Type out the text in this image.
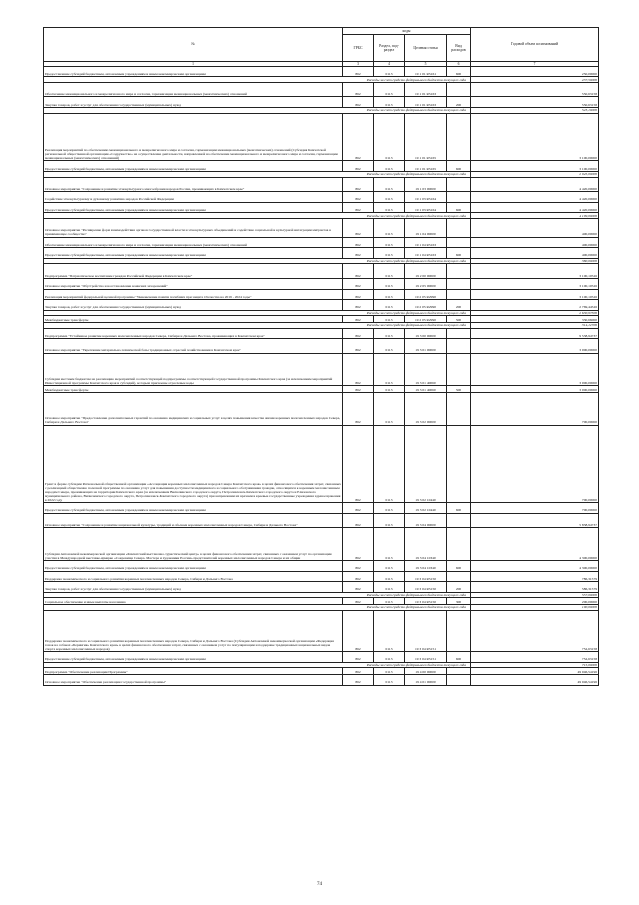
№	коды				Годовой объем ассигнований
	ГРБС	Раздел, под-раздел	Целевая статья	Вид расходов	
1	3	4	5	6	7
Предоставление субсидий бюджетным, автономным учреждениям и иным некоммерческим организациям	862	0113	19 1 01 R5161	600	250,00000
Расходы за счет средств федерального бюджета текущего года					237,50000
Обеспечение межнационального и межрелигиозного мира и согласия, гармонизации межнациональных (межэтнических) отношений	862	0113	19 1 01 R5163		550,63158
Закупка товаров, работ и услуг для обеспечения государственных (муниципальных) нужд	862	0113	19 1 01 R5163	200	550,63158
Расходы за счет средств федерального бюджета текущего года					523,10000
Реализация мероприятий по обеспечению межнационального и межрелигиозного мира и согласия, гармонизации межнациональных (межэтнических) отношений (Субсидия Камчатской региональной общественной организации «Содружество» на осуществление деятельности, направленной на обеспечение межнационального и межрелигиозного мира и согласия, гармонизации межнациональных (межэтнических) отношений)	862	0113	19 1 01 R5165		3 100,00000
Предоставление субсидий бюджетным, автономным учреждениям и иным некоммерческим организациям	862	0113	19 1 01 R5165	600	3 100,00000
Расходы за счет средств федерального бюджета текущего года					2 945,00000
Основное мероприятие "Сохранение и развитие этнокультурного многообразия народов России, проживающих в Камчатском крае"	862	0113	19 1 03 00000		4 420,00000
Содействие этнокультурному и духовному развитию народов Российской Федерации	862	0113	19 1 03 R5164		4 420,00000
Предоставление субсидий бюджетным, автономным учреждениям и иным некоммерческим организациям	862	0113	19 1 03 R5164	600	4 420,00000
Расходы за счет средств федерального бюджета текущего года					4 199,00000
Основное мероприятие "Расширение форм взаимодействия органов государственной власти и этнокультурных объединений и содействие социальной и культурной интеграции мигрантов в принимающее сообщество"	862	0113	19 1 04 00000		400,00000
Обеспечение межнационального и межрелигиозного мира и согласия, гармонизации межнациональных (межэтнических) отношений	862	0113	19 1 04 R5163		400,00000
Предоставление субсидий бюджетным, автономным учреждениям и иным некоммерческим организациям	862	0113	19 1 04 R5163	600	400,00000
Расходы за счет средств федерального бюджета текущего года					380,00000
Подпрограмма "Патриотическое воспитание граждан Российской Федерации в Камчатском крае"	862	0113	19 2 00 00000		3 100,10526
Основное мероприятие "Обустройство и восстановление воинских захоронений"	862	0113	19 2 05 00000		3 100,10526
Реализация мероприятий федеральной целевой программы "Увековечение памяти погибших при защите Отечества на 2019 - 2024 годы"	862	0113	19 2 05 R2990		3 100,10526
Закупка товаров, работ и услуг для обеспечения государственных (муниципальных) нужд	862	0113	19 2 05 R2990	200	2 769,44526
Расходы за счет средств федерального бюджета текущего года					2 630,97300
Межбюджетные трансферты	862	0113	19 2 05 R2990	500	330,66000
Расходы за счет средств федерального бюджета текущего года					314,12700
Подпрограмма "Устойчивое развитие коренных малочисленных народов Севера, Сибири и Дальнего Востока, проживающих в Камчатском крае"	862	0113	19 3 00 00000		9 538,94737
Основное мероприятие "Укрепление материально-технической базы традиционных отраслей хозяйствования в Камчатском крае"	862	0113	19 3 01 00000		3 000,00000
Субсидии местным бюджетам на реализацию мероприятий соответствующей подпрограммы соответствующей государственной программы Камчатского края (за исключением мероприятий Инвестиционной программы Камчатского края и субсидий), которым присвоены отраслевые коды	862	0113	19 3 01 40060		3 000,00000
Межбюджетные трансферты	862	0113	19 3 01 40060	500	3 000,00000
Основное мероприятие "Предоставление дополнительных гарантий по оказанию медицинских и социальных услуг в целях повышения качества жизни коренных малочисленных народов Севера, Сибири и Дальнего Востока"	862	0113	19 3 02 00000		700,00000
Грант в форме субсидии Региональной общественной организации «Ассоциация коренных малочисленных народов Севера Камчатского края» в целях финансового обеспечения затрат, связанных с реализацией общественно полезной программы по оказанию услуг для повышения доступности медицинского и социального обслуживания граждан, относящихся к коренным малочисленным народам Севера, проживающих на территории Камчатского края (за исключением Вилючинского городского округа, Петропавловск-Камчатского городского округа и Елизовского муниципального района, Вилючинского городского округа, Петропавловск-Камчатского городского округа) при направлении их врачами в краевые государственные учреждения здравоохранения в 2022 году	862	0113	19 3 02 10440		700,00000
Предоставление субсидий бюджетным, автономным учреждениям и иным некоммерческим организациям	862	0113	19 3 02 10440	600	700,00000
Основное мероприятие "Сохранение и развитие национальной культуры, традиций и обычаев коренных малочисленных народов Севера, Сибири и Дальнего Востока"	862	0113	19 3 04 00000		5 838,94737
Субсидия Автономной некоммерческой организации «Камчатский выставочно-туристический центр» в целях финансового обеспечения затрат, связанных с оказанием услуг по организации участия в Международной выставке-ярмарке «Сокровища Севера. Мастера и художники России» представителей коренных малочисленных народов Севера и их общин	862	0113	19 3 04 10340		4 300,00000
Предоставление субсидий бюджетным, автономным учреждениям и иным некоммерческим организациям	862	0113	19 3 04 10340	600	4 300,00000
Поддержка экономического и социального развития коренных малочисленных народов Севера, Сибири и Дальнего Востока	862	0113	19 3 04 R5150		786,31579
Закупка товаров, работ и услуг для обеспечения государственных (муниципальных) нужд	862	0113	19 3 04 R5150	200	586,31579
Расходы за счет средств федерального бюджета текущего года					557,00000
Социальное обеспечение и иные выплаты населению	862	0113	19 3 04 R5150	300	200,00000
Расходы за счет средств федерального бюджета текущего года					190,00000
Поддержка экономического и социального развития коренных малочисленных народов Севера, Сибири и Дальнего Востока (Субсидия Автономной некоммерческой организации «Федерация гонок на собаках «Берингия» Камчатского края» в целях финансового обеспечения затрат, связанных с оказанием услуг по популяризации и поддержке традиционных национальных видов спорта коренных малочисленных народов)	862	0113	19 3 04 R5151		752,63158
Предоставление субсидий бюджетным, автономным учреждениям и иным некоммерческим организациям	862	0113	19 3 04 R5151	600	752,63158
Расходы за счет средств федерального бюджета текущего года					715,00000
Подпрограмма "Обеспечение реализации Программы"	862	0113	19 4 00 00000		49 046,54196
Основное мероприятие "Обеспечение реализации государственной программы"	862	0113	19 4 01 00000		49 046,54196
74
